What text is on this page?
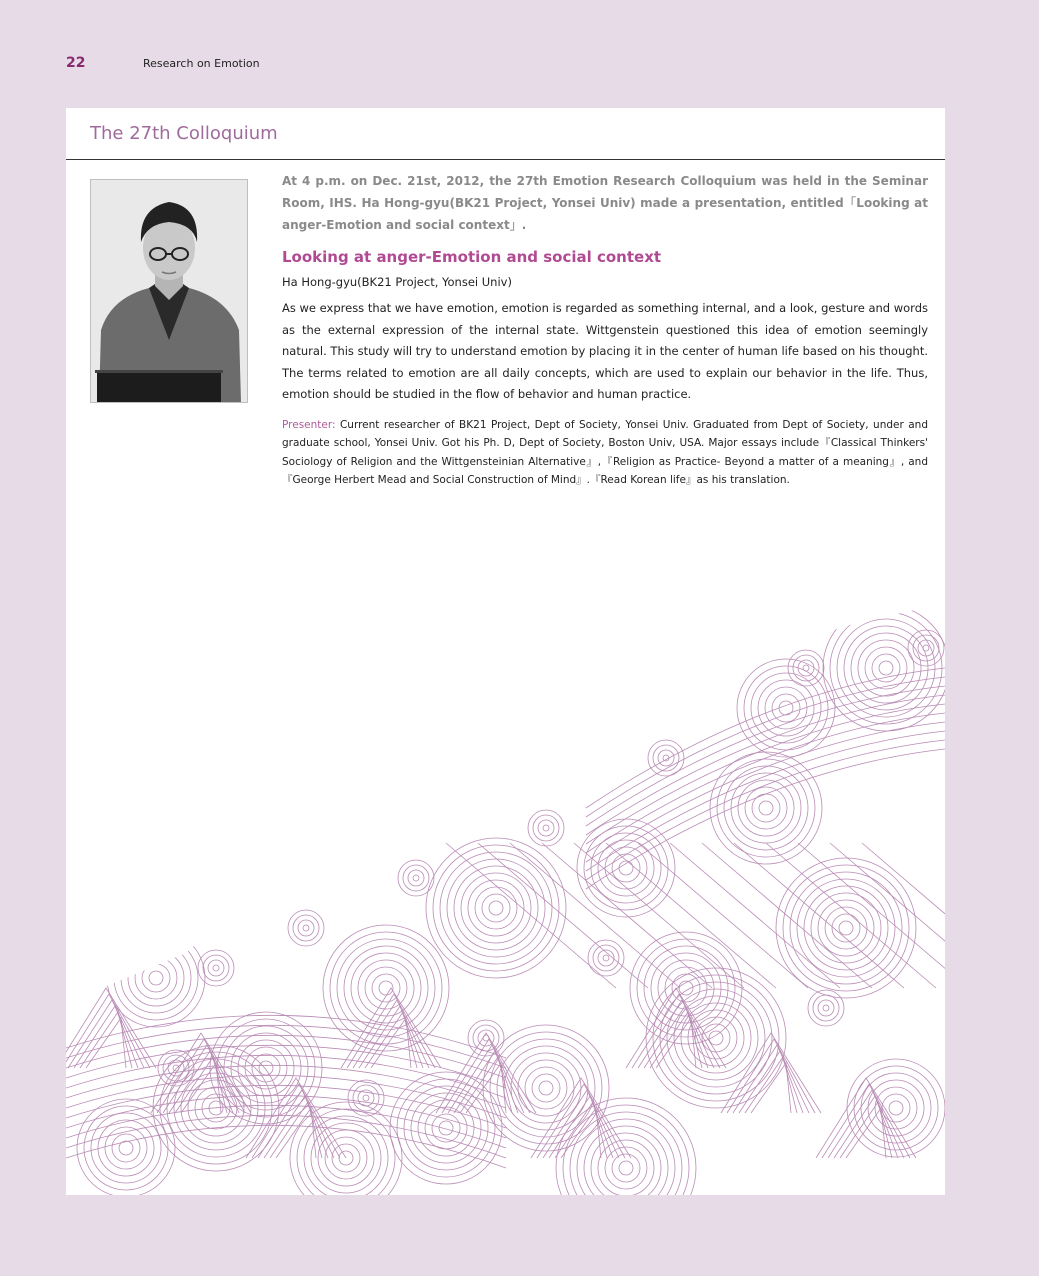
22	Research on Emotion
The 27th Colloquium

At 4 p.m. on Dec. 21st, 2012, the 27th Emotion Research Colloquium was held in the Seminar Room, IHS. Ha Hong-gyu(BK21 Project, Yonsei Univ) made a presentation, entitled「Looking at anger-Emotion and social context」.

Looking at anger-Emotion and social context

Ha Hong-gyu(BK21 Project, Yonsei Univ)

As we express that we have emotion, emotion is regarded as something internal, and a look, gesture and words as the external expression of the internal state. Wittgenstein questioned this idea of emotion seemingly natural. This study will try to understand emotion by placing it in the center of human life based on his thought. The terms related to emotion are all daily concepts, which are used to explain our behavior in the life. Thus, emotion should be studied in the flow of behavior and human practice.

Presenter: Current researcher of BK21 Project, Dept of Society, Yonsei Univ. Graduated from Dept of Society, under and graduate school, Yonsei Univ. Got his Ph. D, Dept of Society, Boston Univ, USA. Major essays include『Classical Thinkers' Sociology of Religion and the Wittgensteinian Alternative』,『Religion as Practice- Beyond a matter of a meaning』, and『George Herbert Mead and Social Construction of Mind』.『Read Korean life』as his translation.
